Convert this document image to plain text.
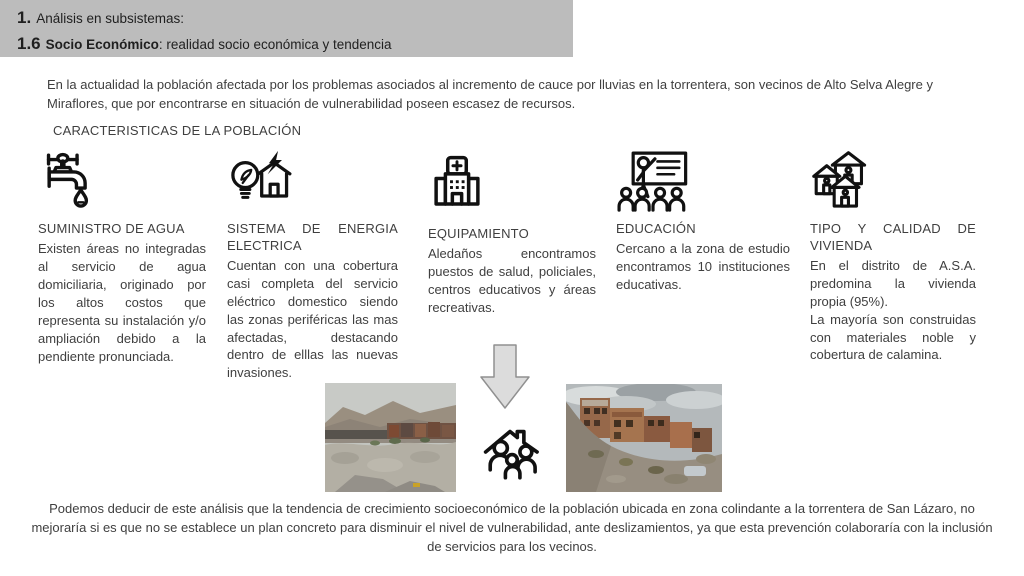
1. Análisis en subsistemas:
1.6 Socio Económico: realidad socio económica y tendencia
En la actualidad la población afectada por los problemas asociados al incremento de cauce por lluvias en la torrentera, son vecinos de Alto Selva Alegre y Miraflores, que por encontrarse en situación de vulnerabilidad poseen escasez de recursos.
CARACTERISTICAS DE LA POBLACIÓN
SUMINISTRO DE AGUA

Existen áreas no integradas al servicio de agua domiciliaria, originado por los altos costos que representa su instalación y/o ampliación debido a la pendiente pronunciada.

SISTEMA DE ENERGIA ELECTRICA

Cuentan con una cobertura casi completa del servicio eléctrico domestico siendo las zonas periféricas las mas afectadas, destacando dentro de elllas las nuevas invasiones.

EQUIPAMIENTO

Aledaños encontramos puestos de salud, policiales, centros educativos y áreas recreativas.

EDUCACIÓN

Cercano a la zona de estudio encontramos 10 instituciones educativas.

TIPO Y CALIDAD DE VIVIENDA

En el distrito de A.S.A. predomina la vivienda propia (95%).

La mayoría son construidas con materiales noble y cobertura de calamina.

Podemos deducir de este análisis que la tendencia de crecimiento socioeconómico de la población ubicada en zona colindante a la torrentera de San Lázaro, no mejoraría si es que no se establece un plan concreto para disminuir el nivel de vulnerabilidad, ante deslizamientos, ya que esta prevención colaboraría con la inclusión de servicios para los vecinos.
